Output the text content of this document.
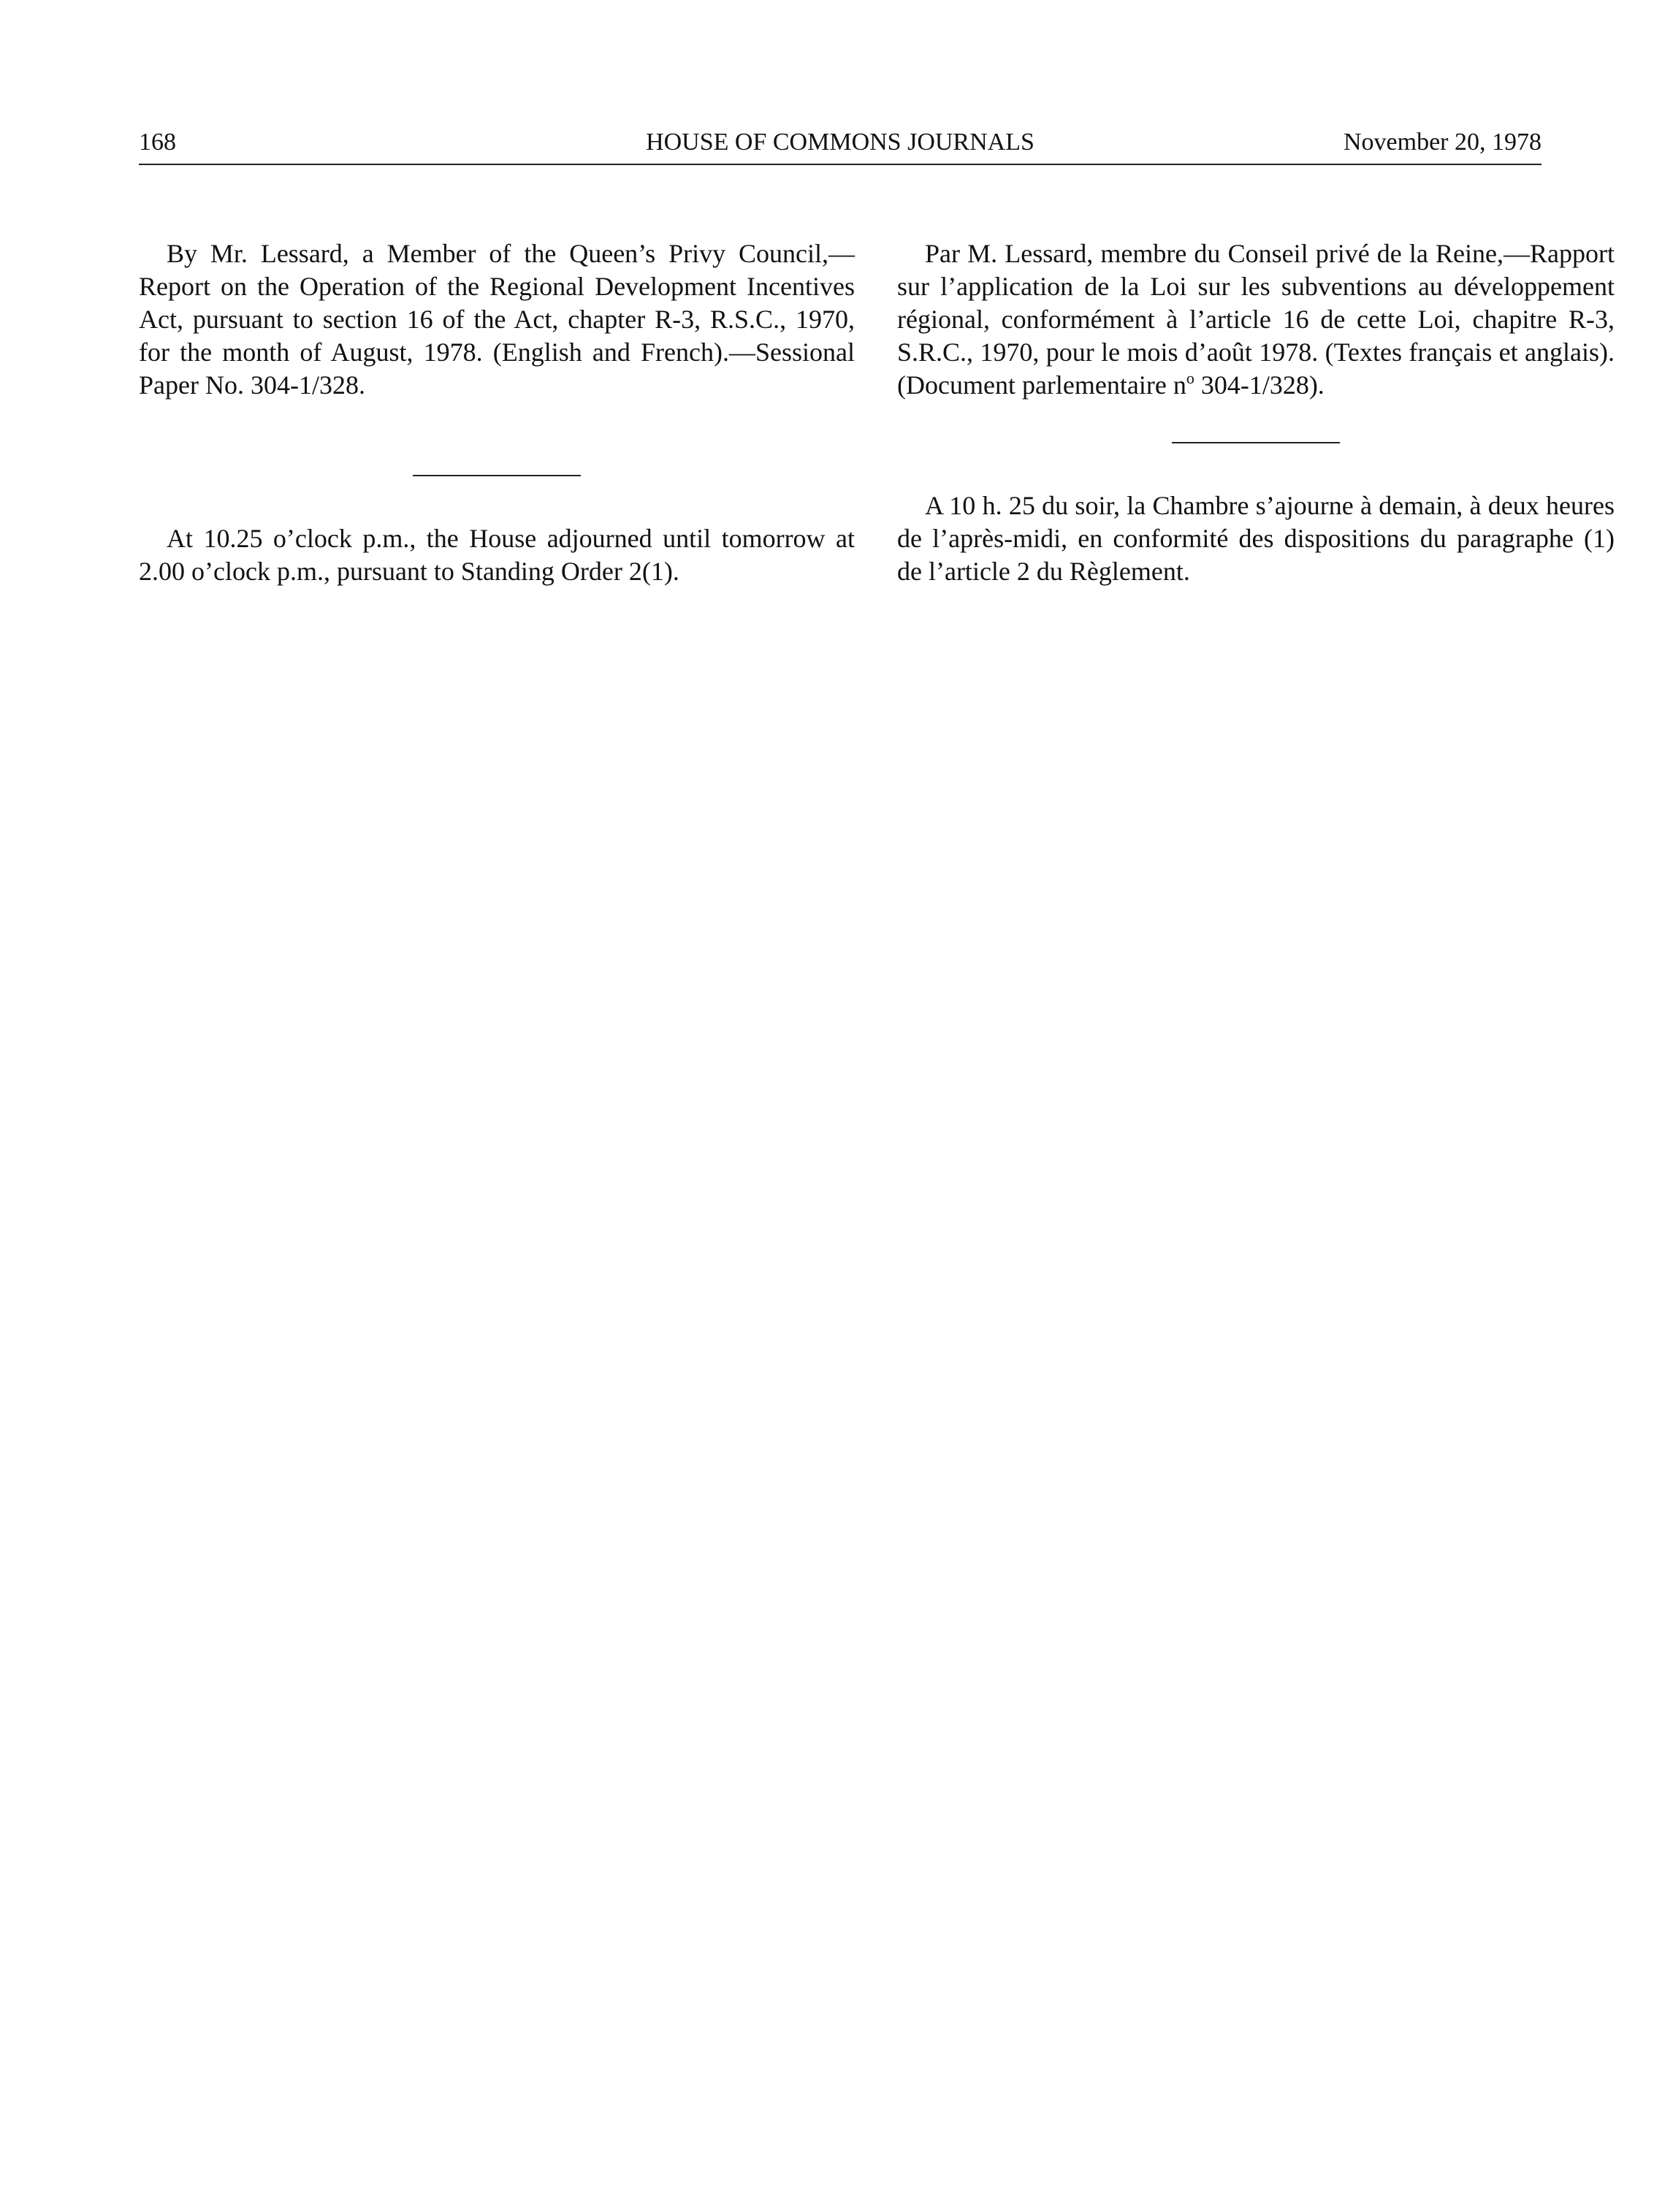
168	HOUSE OF COMMONS JOURNALS	November 20, 1978

By Mr. Lessard, a Member of the Queen’s Privy Council,—Report on the Operation of the Regional Development Incentives Act, pursuant to section 16 of the Act, chapter R-3, R.S.C., 1970, for the month of August, 1978. (English and French).—Sessional Paper No. 304-1/328.

At 10.25 o’clock p.m., the House adjourned until tomorrow at 2.00 o’clock p.m., pursuant to Standing Order 2(1).

Par M. Lessard, membre du Conseil privé de la Reine,—Rapport sur l’application de la Loi sur les subventions au développement régional, conformément à l’article 16 de cette Loi, chapitre R-3, S.R.C., 1970, pour le mois d’août 1978. (Textes français et anglais). (Document parlementaire $n^o$ 304-1/328).

A 10 h. 25 du soir, la Chambre s’ajourne à demain, à deux heures de l’après-midi, en conformité des dispositions du paragraphe (1) de l’article 2 du Règlement.
